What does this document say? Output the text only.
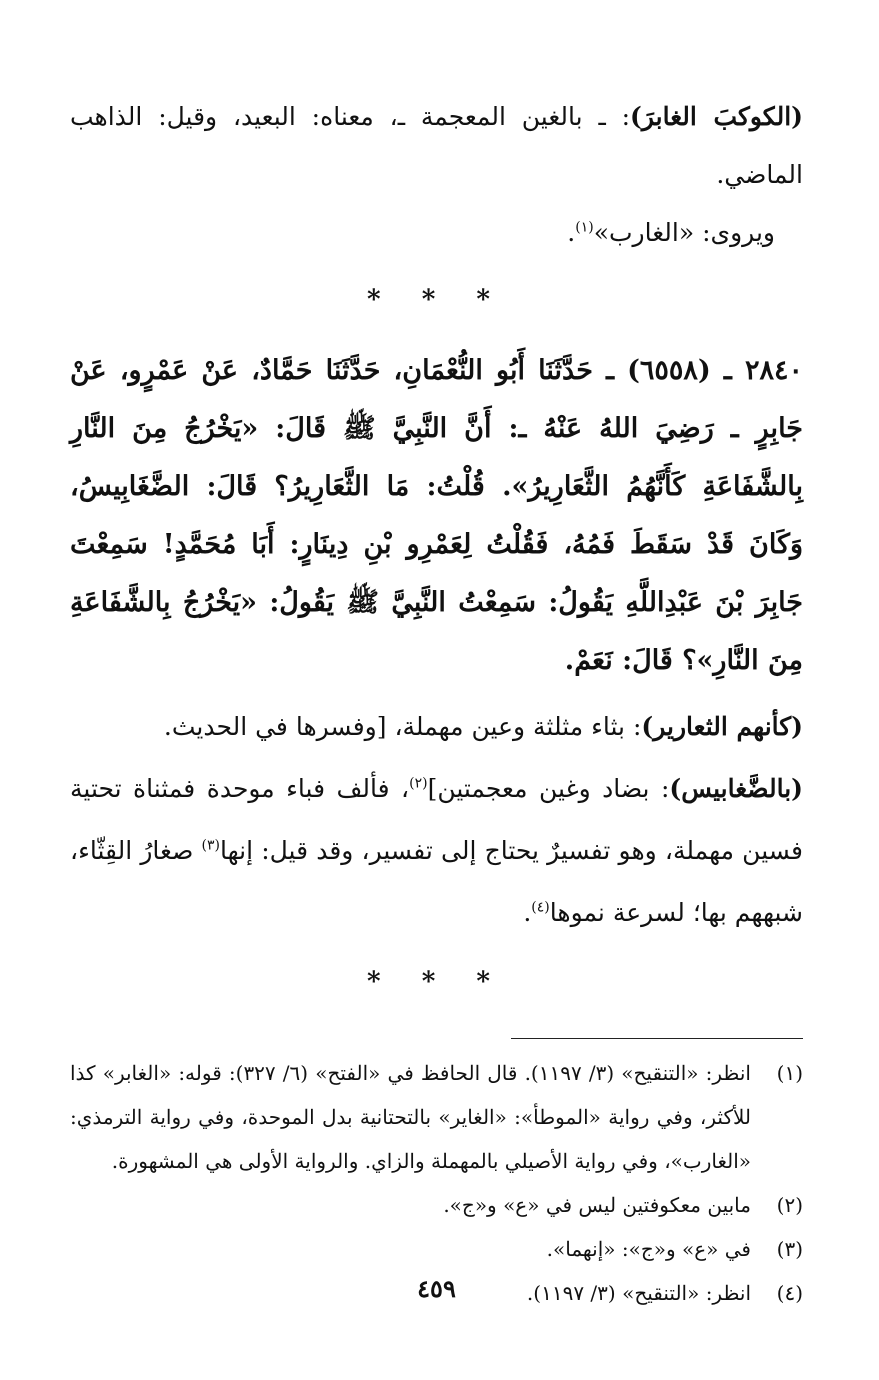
(الكوكبَ الغابرَ): ـ بالغين المعجمة ـ، معناه: البعيد، وقيل: الذاهب الماضي.

ويروى: «الغارب»$^{(١)}$.

* * *

٢٨٤٠ ـ (٦٥٥٨) ـ حَدَّثَنَا أَبُو النُّعْمَانِ، حَدَّثَنَا حَمَّادٌ، عَنْ عَمْرٍو، عَنْ جَابِرٍ ـ رَضِيَ اللهُ عَنْهُ ـ: أَنَّ النَّبِيَّ ﷺ قَالَ: «يَخْرُجُ مِنَ النَّارِ بِالشَّفَاعَةِ كَأَنَّهُمُ الثَّعَارِيرُ». قُلْتُ: مَا الثَّعَارِيرُ؟ قَالَ: الضَّغَابِيسُ، وَكَانَ قَدْ سَقَطَ فَمُهُ، فَقُلْتُ لِعَمْرِو بْنِ دِينَارٍ: أَبَا مُحَمَّدٍ! سَمِعْتَ جَابِرَ بْنَ عَبْدِاللَّهِ يَقُولُ: سَمِعْتُ النَّبِيَّ ﷺ يَقُولُ: «يَخْرُجُ بِالشَّفَاعَةِ مِنَ النَّارِ»؟ قَالَ: نَعَمْ.

(كأنهم الثعارير): بثاء مثلثة وعين مهملة، [وفسرها في الحديث.

(بالضَّغابيس): بضاد وغين معجمتين]$^{(٢)}$، فألف فباء موحدة فمثناة تحتية فسين مهملة، وهو تفسيرٌ يحتاج إلى تفسير، وقد قيل: إنها$^{(٣)}$ صغارُ القِثّاء، شبههم بها؛ لسرعة نموها$^{(٤)}$.

* * *
(١)
انظر: «التنقيح» (٣/ ١١٩٧). قال الحافظ في «الفتح» (٦/ ٣٢٧): قوله: «الغابر» كذا للأكثر، وفي رواية «الموطأ»: «الغاير» بالتحتانية بدل الموحدة، وفي رواية الترمذي: «الغارب»، وفي رواية الأصيلي بالمهملة والزاي. والرواية الأولى هي المشهورة.
(٢)
مابين معكوفتين ليس في «ع» و«ج».
(٣)
في «ع» و«ج»: «إنهما».
(٤)
انظر: «التنقيح» (٣/ ١١٩٧).
٤٥٩
